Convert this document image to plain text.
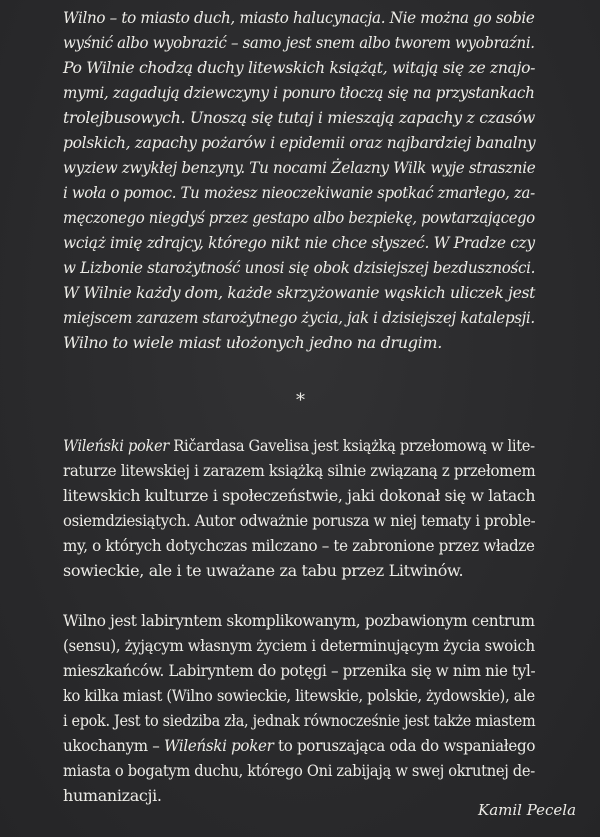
Wilno – to miasto duch, miasto halucynacja. Nie można go sobie
wyśnić albo wyobrazić – samo jest snem albo tworem wyobraźni.
Po Wilnie chodzą duchy litewskich książąt, witają się ze znajo-
mymi, zagadują dziewczyny i ponuro tłoczą się na przystankach
trolejbusowych. Unoszą się tutaj i mieszają zapachy z czasów
polskich, zapachy pożarów i epidemii oraz najbardziej banalny
wyziew zwykłej benzyny. Tu nocami Żelazny Wilk wyje strasznie
i woła o pomoc. Tu możesz nieoczekiwanie spotkać zmarłego, za-
męczonego niegdyś przez gestapo albo bezpiekę, powtarzającego
wciąż imię zdrajcy, którego nikt nie chce słyszeć. W Pradze czy
w Lizbonie starożytność unosi się obok dzisiejszej bezduszności.
W Wilnie każdy dom, każde skrzyżowanie wąskich uliczek jest
miejscem zarazem starożytnego życia, jak i dzisiejszej katalepsji.
Wilno to wiele miast ułożonych jedno na drugim.
*
Wileński poker Ričardasa Gavelisa jest książką przełomową w lite-
raturze litewskiej i zarazem książką silnie związaną z przełomem
litewskich kulturze i społeczeństwie, jaki dokonał się w latach
osiemdziesiątych. Autor odważnie porusza w niej tematy i proble-
my, o których dotychczas milczano – te zabronione przez władze
sowieckie, ale i te uważane za tabu przez Litwinów.
Wilno jest labiryntem skomplikowanym, pozbawionym centrum
(sensu), żyjącym własnym życiem i determinującym życia swoich
mieszkańców. Labiryntem do potęgi – przenika się w nim nie tyl-
ko kilka miast (Wilno sowieckie, litewskie, polskie, żydowskie), ale
i epok. Jest to siedziba zła, jednak równocześnie jest także miastem
ukochanym – Wileński poker to poruszająca oda do wspaniałego
miasta o bogatym duchu, którego Oni zabijają w swej okrutnej de-
humanizacji.
Kamil Pecela
